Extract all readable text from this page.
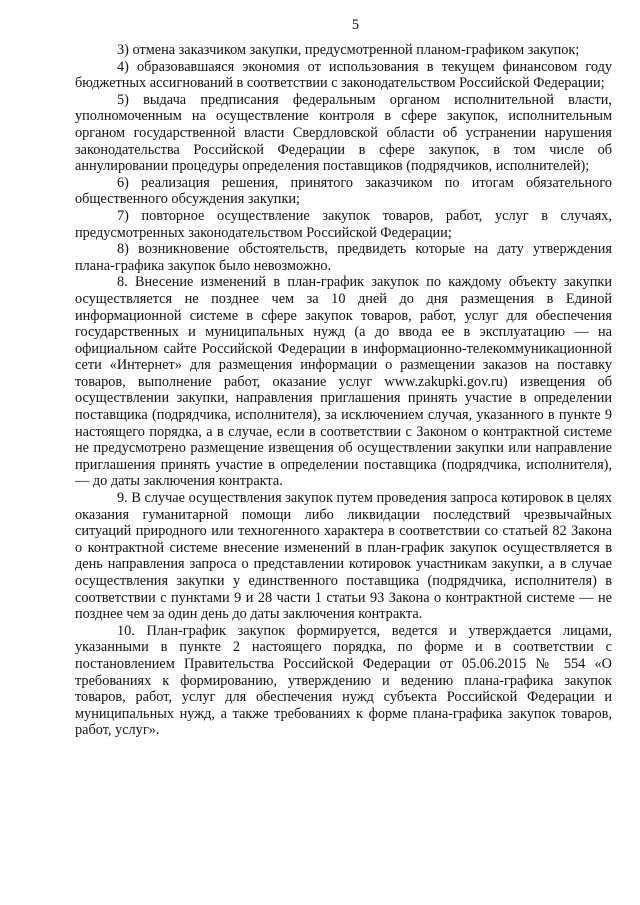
5

3) отмена заказчиком закупки, предусмотренной планом-графиком закупок;

4) образовавшаяся экономия от использования в текущем финансовом году бюджетных ассигнований в соответствии с законодательством Российской Федерации;

5) выдача предписания федеральным органом исполнительной власти, уполномоченным на осуществление контроля в сфере закупок, исполнительным органом государственной власти Свердловской области об устранении нарушения законодательства Российской Федерации в сфере закупок, в том числе об аннулировании процедуры определения поставщиков (подрядчиков, исполнителей);

6) реализация решения, принятого заказчиком по итогам обязательного общественного обсуждения закупки;

7) повторное осуществление закупок товаров, работ, услуг в случаях, предусмотренных законодательством Российской Федерации;

8) возникновение обстоятельств, предвидеть которые на дату утверждения плана-графика закупок было невозможно.

8. Внесение изменений в план-график закупок по каждому объекту закупки осуществляется не позднее чем за 10 дней до дня размещения в Единой информационной системе в сфере закупок товаров, работ, услуг для обеспечения государственных и муниципальных нужд (а до ввода ее в эксплуатацию — на официальном сайте Российской Федерации в информационно-телекоммуникационной сети «Интернет» для размещения информации о размещении заказов на поставку товаров, выполнение работ, оказание услуг www.zakupki.gov.ru) извещения об осуществлении закупки, направления приглашения принять участие в определении поставщика (подрядчика, исполнителя), за исключением случая, указанного в пункте 9 настоящего порядка, а в случае, если в соответствии с Законом о контрактной системе не предусмотрено размещение извещения об осуществлении закупки или направление приглашения принять участие в определении поставщика (подрядчика, исполнителя), — до даты заключения контракта.

9. В случае осуществления закупок путем проведения запроса котировок в целях оказания гуманитарной помощи либо ликвидации последствий чрезвычайных ситуаций природного или техногенного характера в соответствии со статьей 82 Закона о контрактной системе внесение изменений в план-график закупок осуществляется в день направления запроса о представлении котировок участникам закупки, а в случае осуществления закупки у единственного поставщика (подрядчика, исполнителя) в соответствии с пунктами 9 и 28 части 1 статьи 93 Закона о контрактной системе — не позднее чем за один день до даты заключения контракта.

10. План-график закупок формируется, ведется и утверждается лицами, указанными в пункте 2 настоящего порядка, по форме и в соответствии с постановлением Правительства Российской Федерации от 05.06.2015 № 554 «О требованиях к формированию, утверждению и ведению плана-графика закупок товаров, работ, услуг для обеспечения нужд субъекта Российской Федерации и муниципальных нужд, а также требованиях к форме плана-графика закупок товаров, работ, услуг».
